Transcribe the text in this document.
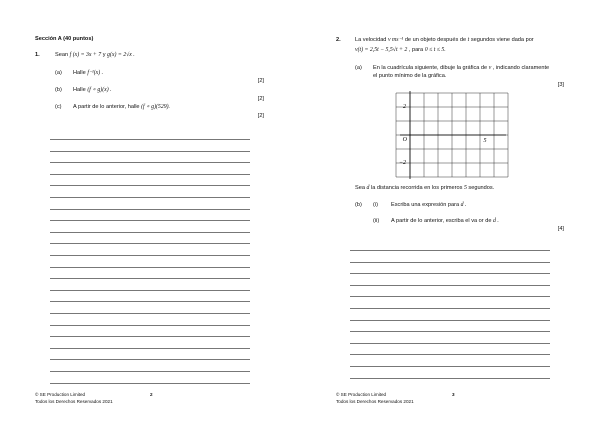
Sección A (40 puntos)
1.	Sean f (x) = 3x + 7 y g(x) = 2√x .
(a) Halle f⁻¹(x) .
[2]
(b) Halle (f ∘ g)(x) .
[2]
(c) A partir de lo anterior, halle (f ∘ g)(529).
[2]
© SE Production Limited
Todos los Derechos Reservados 2021
2
2.	La velocidad v ms⁻¹ de un objeto después de t segundos viene dada por
v(t) = 2,5t − 5,5√t + 2 , para 0 ≤ t ≤ 5.
(a) En la cuadrícula siguiente, dibuje la gráfica de v , indicando claramente
el punto mínimo de la gráfica.
[3]
2
−2
O	5
Sea d la distancia recorrida en los primeros 5 segundos.
(b) (i) Escriba una expresión para d .
(ii) A partir de lo anterior, escriba el va or de d .
[4]
© SE Production Limited
Todos los Derechos Reservados 2021
3
